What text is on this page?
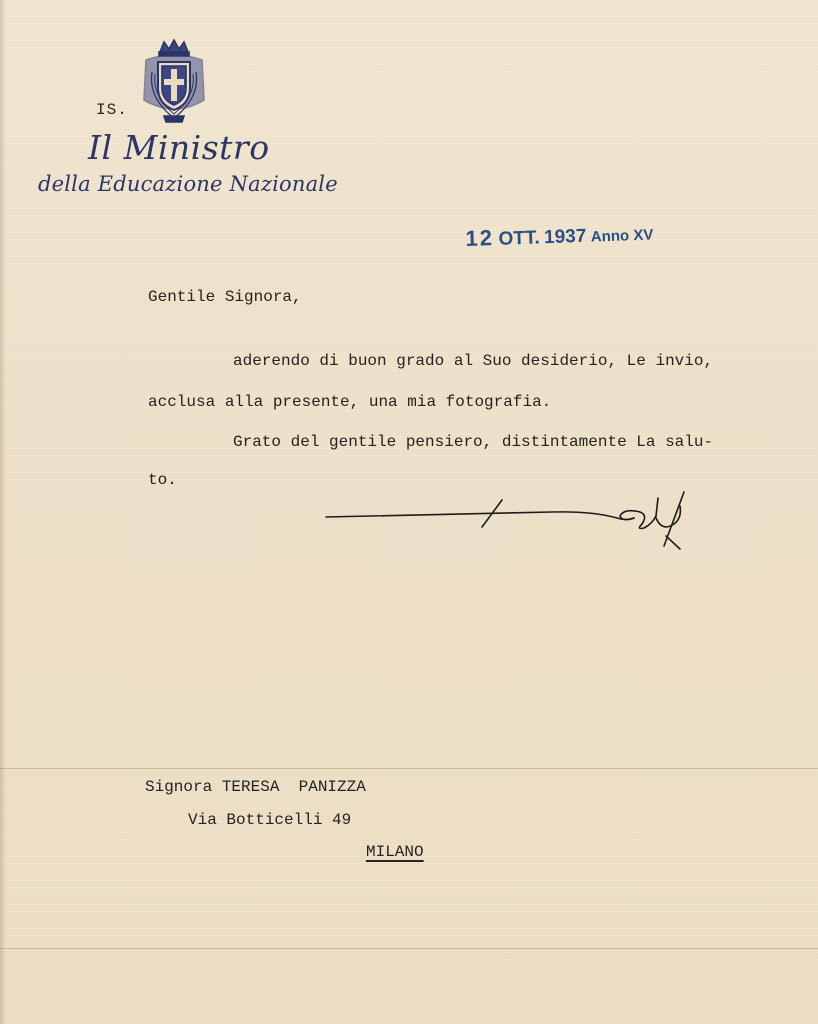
IS.
Il Ministro
della Educazione Nazionale
12 OTT. 1937 Anno XV
Gentile Signora,
aderendo di buon grado al Suo desiderio, Le invio,
acclusa alla presente, una mia fotografia.
Grato del gentile pensiero, distintamente La salu-
to.
Signora TERESA  PANIZZA
Via Botticelli 49
MILANO
